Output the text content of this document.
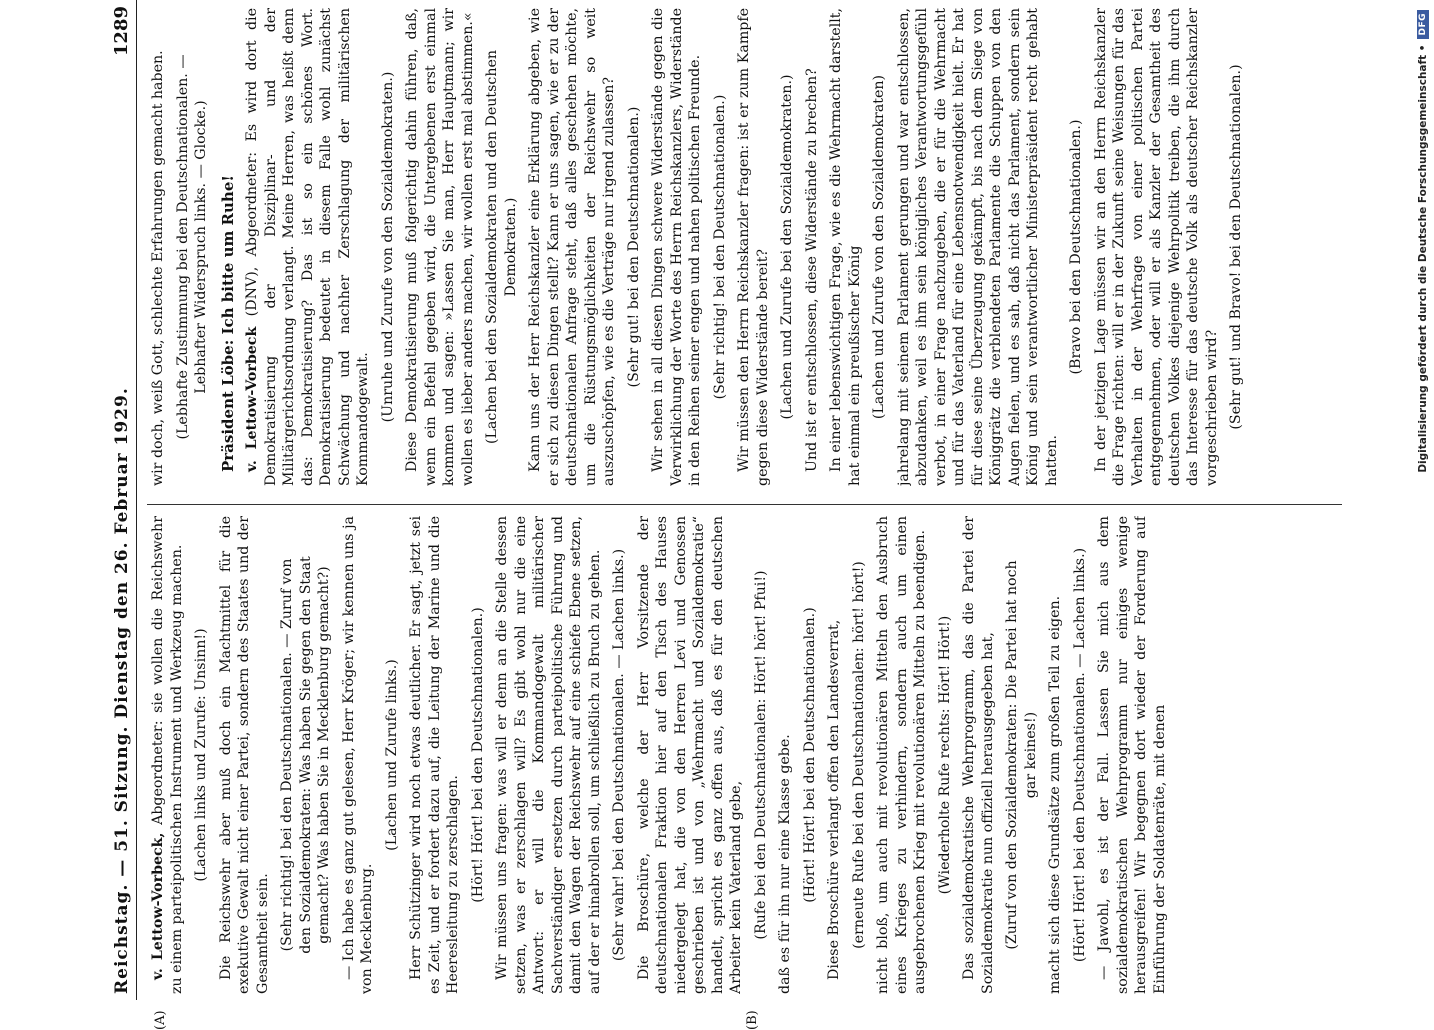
Reichstag. — 51. Sitzung. Dienstag den 26. Februar 1929.
1289
(A)	(B)

v. Lettow-Vorbeck, Abgeordneter: sie wollen die Reichswehr zu einem parteipolitischen Instrument und Werkzeug machen. (Lachen links und Zurufe: Unsinn!) Die Reichswehr aber muß doch ein Machtmittel für die exekutive Gewalt nicht einer Partei, sondern des Staates und der Gesamtheit sein. (Sehr richtig! bei den Deutschnationalen. — Zuruf von den Sozialdemokraten: Was haben Sie gegen den Staat gemacht? Was haben Sie in Mecklenburg gemacht?) — Ich habe es ganz gut gelesen, Herr Kröger; wir kennen uns ja von Mecklenburg.

(Lachen und Zurufe links.) Herr Schützinger wird noch etwas deutlicher. Er sagt, jetzt sei es Zeit, und er fordert dazu auf, die Leitung der Marine und die Heeresleitung zu zerschlagen. (Hört! Hört! bei den Deutschnationalen.) Wir müssen uns fragen: was will er denn an die Stelle dessen setzen, was er zerschlagen will? Es gibt wohl nur die eine Antwort: er will die Kommandogewalt militärischer Sachverständiger ersetzen durch parteipolitische Führung und damit den Wagen der Reichswehr auf eine schiefe Ebene setzen, auf der er hinabrollen soll, um schließlich zu Bruch zu gehen. (Sehr wahr! bei den Deutschnationalen. — Lachen links.) Die Broschüre, welche der Herr Vorsitzende der deutschnationalen Fraktion hier auf den Tisch des Hauses niedergelegt hat, die von den Herren Levi und Genossen geschrieben ist und von „Wehrmacht und Sozialdemokratie“ handelt, spricht es ganz offen aus, daß es für den deutschen Arbeiter kein Vaterland gebe, (Rufe bei den Deutschnationalen: Hört! hört! Pfui!) daß es für ihn nur eine Klasse gebe. (Hört! Hört! bei den Deutschnationalen.) Diese Broschüre verlangt offen den Landesverrat, (erneute Rufe bei den Deutschnationalen: hört! hört!) nicht bloß, um auch mit revolutionären Mitteln den Ausbruch eines Krieges zu verhindern, sondern auch um einen ausgebrochenen Krieg mit revolutionären Mitteln zu beendigen. (Wiederholte Rufe rechts: Hört! Hört!) Das sozialdemokratische Wehrprogramm, das die Partei der Sozialdemokratie nun offiziell herausgegeben hat, (Zuruf von den Sozialdemokraten: Die Partei hat noch gar keines!) macht sich diese Grundsätze zum großen Teil zu eigen. (Hört! Hört! bei den Deutschnationalen. — Lachen links.) — Jawohl, es ist der Fall. Lassen Sie mich aus dem sozialdemokratischen Wehrprogramm nur einiges wenige herausgreifen! Wir begegnen dort wieder der Forderung auf Einführung der Soldatenräte, mit denen

wir doch, weiß Gott, schlechte Erfahrungen gemacht haben. (Lebhafte Zustimmung bei den Deutschnationalen. — Lebhafter Widerspruch links. — Glocke.) Präsident Löbe: Ich bitte um Ruhe! v. Lettow-Vorbeck (DNV), Abgeordneter: Es wird dort die Demokratisierung der Disziplinar- und der Militärgerichtsordnung verlangt. Meine Herren, was heißt denn das: Demokratisierung? Das ist so ein schönes Wort. Demokratisierung bedeutet in diesem Falle wohl zunächst Schwächung und nachher Zerschlagung der militärischen Kommandogewalt. (Unruhe und Zurufe von den Sozialdemokraten.) Diese Demokratisierung muß folgerichtig dahin führen, daß, wenn ein Befehl gegeben wird, die Untergebenen erst einmal kommen und sagen: »Lassen Sie man, Herr Hauptmann; wir wollen es lieber anders machen, wir wollen erst mal abstimmen.« (Lachen bei den Sozialdemokraten und den Deutschen Demokraten.) Kann uns der Herr Reichskanzler eine Erklärung abgeben, wie er sich zu diesen Dingen stellt? Kann er uns sagen, wie er zu der deutschnationalen Anfrage steht, daß alles geschehen möchte, um die Rüstungsmöglichkeiten der Reichswehr so weit auszuschöpfen, wie es die Verträge nur irgend zulassen? (Sehr gut! bei den Deutschnationalen.) Wir sehen in all diesen Dingen schwere Widerstände gegen die Verwirklichung der Worte des Herrn Reichskanzlers, Widerstände in den Reihen seiner engen und nahen politischen Freunde. (Sehr richtig! bei den Deutschnationalen.) Wir müssen den Herrn Reichskanzler fragen: ist er zum Kampfe gegen diese Widerstände bereit? (Lachen und Zurufe bei den Sozialdemokraten.) Und ist er entschlossen, diese Widerstände zu brechen? In einer lebenswichtigen Frage, wie es die Wehrmacht darstellt, hat einmal ein preußischer König (Lachen und Zurufe von den Sozialdemokraten) jahrelang mit seinem Parlament gerungen und war entschlossen, abzudanken, weil es ihm sein königliches Verantwortungsgefühl verbot, in einer Frage nachzugeben, die er für die Wehrmacht und für das Vaterland für eine Lebensnotwendigkeit hielt. Er hat für diese seine Überzeugung gekämpft, bis nach dem Siege von Königgrätz die verblendeten Parlamente die Schuppen von den Augen fielen, und es sah, daß nicht das Parlament, sondern sein König und sein verantwortlicher Ministerpräsident recht gehabt hatten.

(Bravo bei den Deutschnationalen.) In der jetzigen Lage müssen wir an den Herrn Reichskanzler die Frage richten: will er in der Zukunft seine Weisungen für das Verhalten in der Wehrfrage von einer politischen Partei entgegennehmen, oder will er als Kanzler der Gesamtheit des deutschen Volkes diejenige Wehrpolitik treiben, die ihm durch das Interesse für das deutsche Volk als deutscher Reichskanzler vorgeschrieben wird? (Sehr gut! und Bravo! bei den Deutschnationalen.)	Digitalisierung gefördert durch die Deutsche Forschungsgemeinschaft •
DFG
